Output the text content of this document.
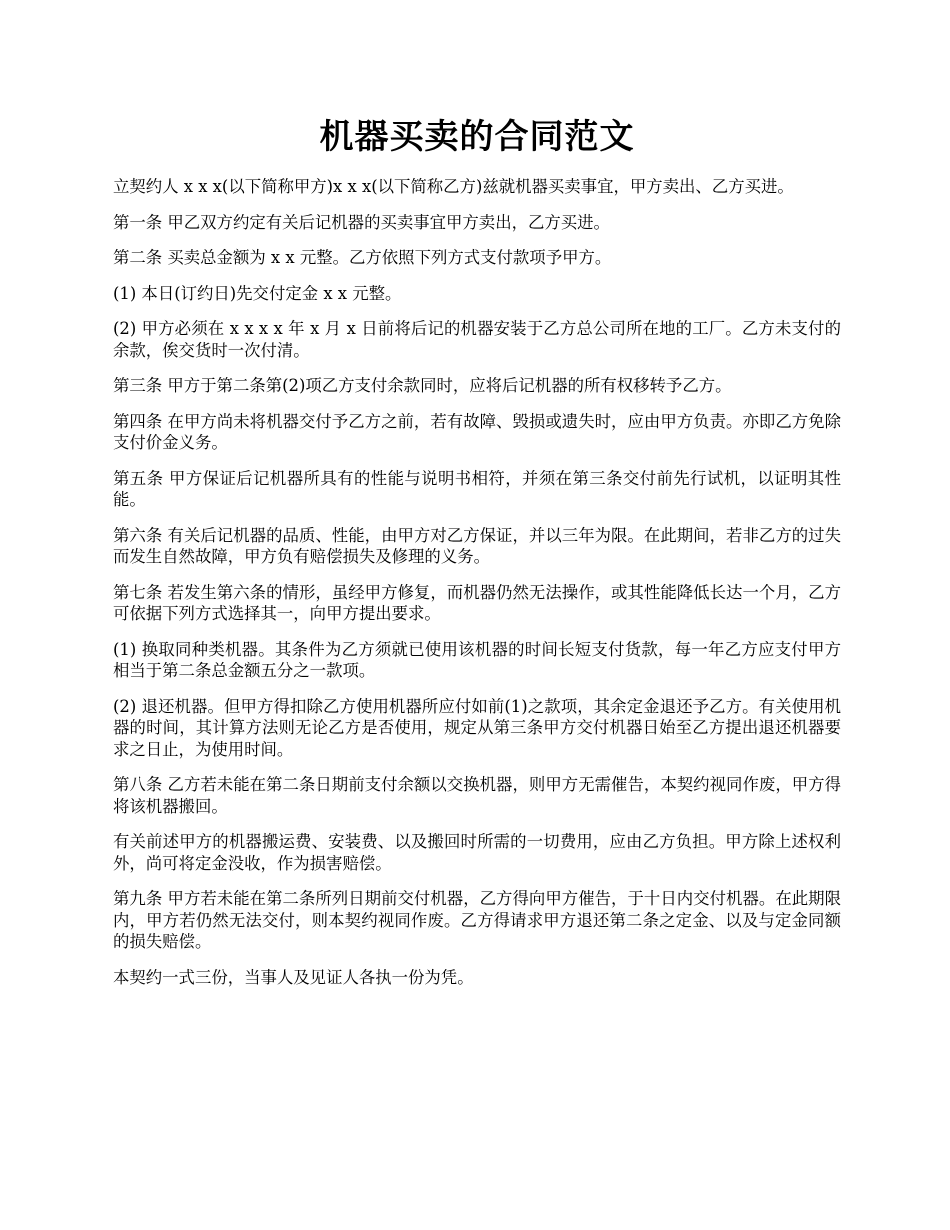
机器买卖的合同范文

立契约人 x x x(以下简称甲方)x x x(以下简称乙方)兹就机器买卖事宜，甲方卖出、乙方买进。

第一条 甲乙双方约定有关后记机器的买卖事宜甲方卖出，乙方买进。

第二条 买卖总金额为 x x 元整。乙方依照下列方式支付款项予甲方。

(1) 本日(订约日)先交付定金 x x 元整。

(2) 甲方必须在 x x x x 年 x 月 x 日前将后记的机器安装于乙方总公司所在地的工厂。乙方未支付的余款，俟交货时一次付清。

第三条 甲方于第二条第(2)项乙方支付余款同时，应将后记机器的所有权移转予乙方。

第四条 在甲方尚未将机器交付予乙方之前，若有故障、毁损或遗失时，应由甲方负责。亦即乙方免除支付价金义务。

第五条 甲方保证后记机器所具有的性能与说明书相符，并须在第三条交付前先行试机，以证明其性能。

第六条 有关后记机器的品质、性能，由甲方对乙方保证，并以三年为限。在此期间，若非乙方的过失而发生自然故障，甲方负有赔偿损失及修理的义务。

第七条 若发生第六条的情形，虽经甲方修复，而机器仍然无法操作，或其性能降低长达一个月，乙方可依据下列方式选择其一，向甲方提出要求。

(1) 换取同种类机器。其条件为乙方须就已使用该机器的时间长短支付货款，每一年乙方应支付甲方相当于第二条总金额五分之一款项。

(2) 退还机器。但甲方得扣除乙方使用机器所应付如前(1)之款项，其余定金退还予乙方。有关使用机器的时间，其计算方法则无论乙方是否使用，规定从第三条甲方交付机器日始至乙方提出退还机器要求之日止，为使用时间。

第八条 乙方若未能在第二条日期前支付余额以交换机器，则甲方无需催告，本契约视同作废，甲方得将该机器搬回。

有关前述甲方的机器搬运费、安装费、以及搬回时所需的一切费用，应由乙方负担。甲方除上述权利外，尚可将定金没收，作为损害赔偿。

第九条 甲方若未能在第二条所列日期前交付机器，乙方得向甲方催告，于十日内交付机器。在此期限内，甲方若仍然无法交付，则本契约视同作废。乙方得请求甲方退还第二条之定金、以及与定金同额的损失赔偿。

本契约一式三份，当事人及见证人各执一份为凭。
